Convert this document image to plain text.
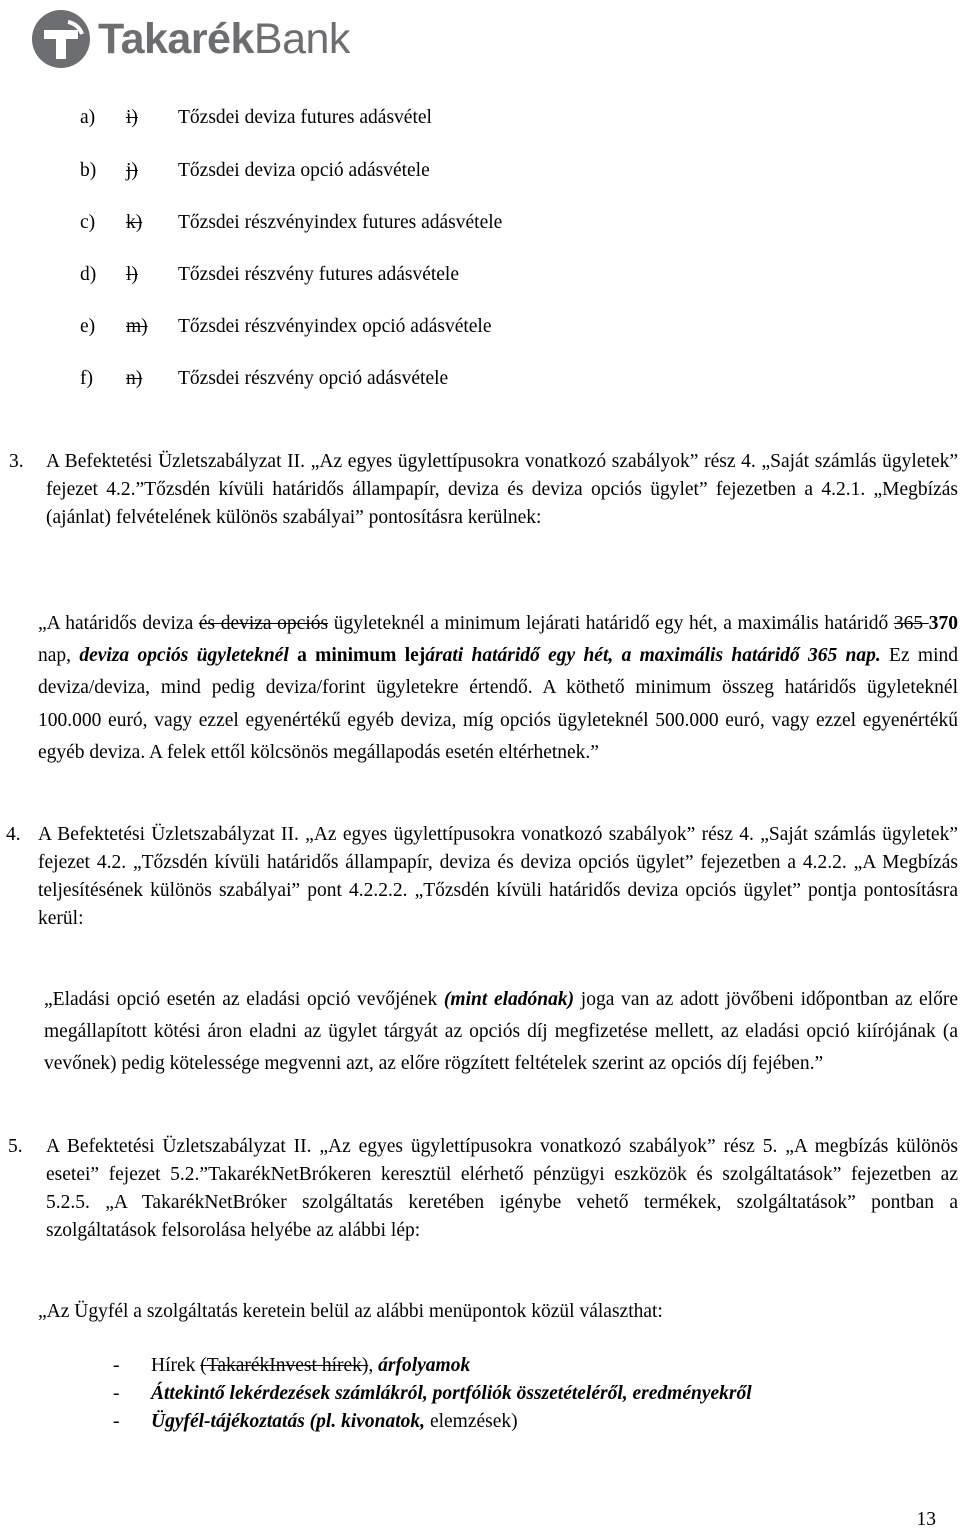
TakarékBank
a) i) Tőzsdei deviza futures adásvétel
b) j) Tőzsdei deviza opció adásvétele
c) k) Tőzsdei részvényindex futures adásvétele
d) l) Tőzsdei részvény futures adásvétele
e) m) Tőzsdei részvényindex opció adásvétele
f) n) Tőzsdei részvény opció adásvétele
3. A Befektetési Üzletszabályzat II. „Az egyes ügylettípusokra vonatkozó szabályok” rész 4. „Saját számlás ügyletek” fejezet 4.2.”Tőzsdén kívüli határidős állampapír, deviza és deviza opciós ügylet” fejezetben a 4.2.1. „Megbízás (ajánlat) felvételének különös szabályai” pontosításra kerülnek:
„A határidős deviza és deviza opciós ügyleteknél a minimum lejárati határidő egy hét, a maximális határidő 365 370 nap, deviza opciós ügyleteknél a minimum lejárati határidő egy hét, a maximális határidő 365 nap. Ez mind deviza/deviza, mind pedig deviza/forint ügyletekre értendő. A köthető minimum összeg határidős ügyleteknél 100.000 euró, vagy ezzel egyenértékű egyéb deviza, míg opciós ügyleteknél 500.000 euró, vagy ezzel egyenértékű egyéb deviza. A felek ettől kölcsönös megállapodás esetén eltérhetnek.”
4. A Befektetési Üzletszabályzat II. „Az egyes ügylettípusokra vonatkozó szabályok” rész 4. „Saját számlás ügyletek” fejezet 4.2. „Tőzsdén kívüli határidős állampapír, deviza és deviza opciós ügylet” fejezetben a 4.2.2. „A Megbízás teljesítésének különös szabályai” pont 4.2.2.2. „Tőzsdén kívüli határidős deviza opciós ügylet” pontja pontosításra kerül:
„Eladási opció esetén az eladási opció vevőjének (mint eladónak) joga van az adott jövőbeni időpontban az előre megállapított kötési áron eladni az ügylet tárgyát az opciós díj megfizetése mellett, az eladási opció kiírójának (a vevőnek) pedig kötelessége megvenni azt, az előre rögzített feltételek szerint az opciós díj fejében.”
5. A Befektetési Üzletszabályzat II. „Az egyes ügylettípusokra vonatkozó szabályok” rész 5. „A megbízás különös esetei” fejezet 5.2.”TakarékNetBrókeren keresztül elérhető pénzügyi eszközök és szolgáltatások” fejezetben az 5.2.5. „A TakarékNetBróker szolgáltatás keretében igénybe vehető termékek, szolgáltatások” pontban a szolgáltatások felsorolása helyébe az alábbi lép:
„Az Ügyfél a szolgáltatás keretein belül az alábbi menüpontok közül választhat:
- Hírek (TakarékInvest hírek), árfolyamok
- Áttekintő lekérdezések számlákról, portfóliók összetételéről, eredményekről
- Ügyfél-tájékoztatás (pl. kivonatok, elemzések)
13
